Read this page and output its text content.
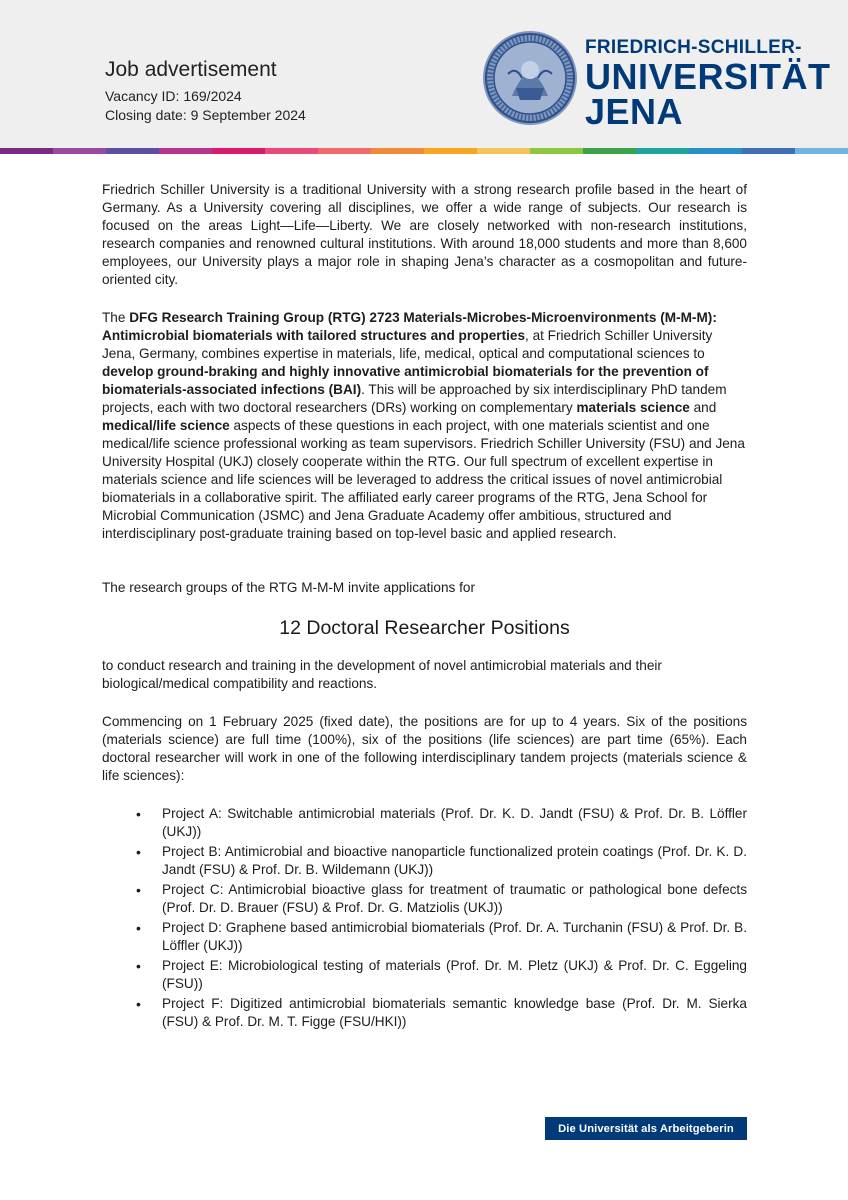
Job advertisement
Vacancy ID: 169/2024
Closing date: 9 September 2024
FRIEDRICH-SCHILLER-
UNIVERSITÄT
JENA

Friedrich Schiller University is a traditional University with a strong research profile based in the heart of Germany. As a University covering all disciplines, we offer a wide range of subjects. Our research is focused on the areas Light—Life—Liberty. We are closely networked with non-research institutions, research companies and renowned cultural institutions. With around 18,000 students and more than 8,600 employees, our University plays a major role in shaping Jena’s character as a cosmopolitan and future-oriented city.

The DFG Research Training Group (RTG) 2723 Materials-Microbes-Microenvironments (M-M-M): Antimicrobial biomaterials with tailored structures and properties, at Friedrich Schiller University Jena, Germany, combines expertise in materials, life, medical, optical and computational sciences to develop ground-braking and highly innovative antimicrobial biomaterials for the prevention of biomaterials-associated infections (BAI). This will be approached by six interdisciplinary PhD tandem projects, each with two doctoral researchers (DRs) working on complementary materials science and medical/life science aspects of these questions in each project, with one materials scientist and one medical/life science professional working as team supervisors. Friedrich Schiller University (FSU) and Jena University Hospital (UKJ) closely cooperate within the RTG. Our full spectrum of excellent expertise in materials science and life sciences will be leveraged to address the critical issues of novel antimicrobial biomaterials in a collaborative spirit. The affiliated early career programs of the RTG, Jena School for Microbial Communication (JSMC) and Jena Graduate Academy offer ambitious, structured and interdisciplinary post-graduate training based on top-level basic and applied research.

The research groups of the RTG M-M-M invite applications for

12 Doctoral Researcher Positions

to conduct research and training in the development of novel antimicrobial materials and their biological/medical compatibility and reactions.

Commencing on 1 February 2025 (fixed date), the positions are for up to 4 years. Six of the positions (materials science) are full time (100%), six of the positions (life sciences) are part time (65%). Each doctoral researcher will work in one of the following interdisciplinary tandem projects (materials science & life sciences):

• Project A: Switchable antimicrobial materials (Prof. Dr. K. D. Jandt (FSU) & Prof. Dr. B. Löffler (UKJ))
• Project B: Antimicrobial and bioactive nanoparticle functionalized protein coatings (Prof. Dr. K. D. Jandt (FSU) & Prof. Dr. B. Wildemann (UKJ))
• Project C: Antimicrobial bioactive glass for treatment of traumatic or pathological bone defects (Prof. Dr. D. Brauer (FSU) & Prof. Dr. G. Matziolis (UKJ))
• Project D: Graphene based antimicrobial biomaterials (Prof. Dr. A. Turchanin (FSU) & Prof. Dr. B. Löffler (UKJ))
• Project E: Microbiological testing of materials (Prof. Dr. M. Pletz (UKJ) & Prof. Dr. C. Eggeling (FSU))
• Project F: Digitized antimicrobial biomaterials semantic knowledge base (Prof. Dr. M. Sierka (FSU) & Prof. Dr. M. T. Figge (FSU/HKI))
Die Universität als Arbeitgeberin
